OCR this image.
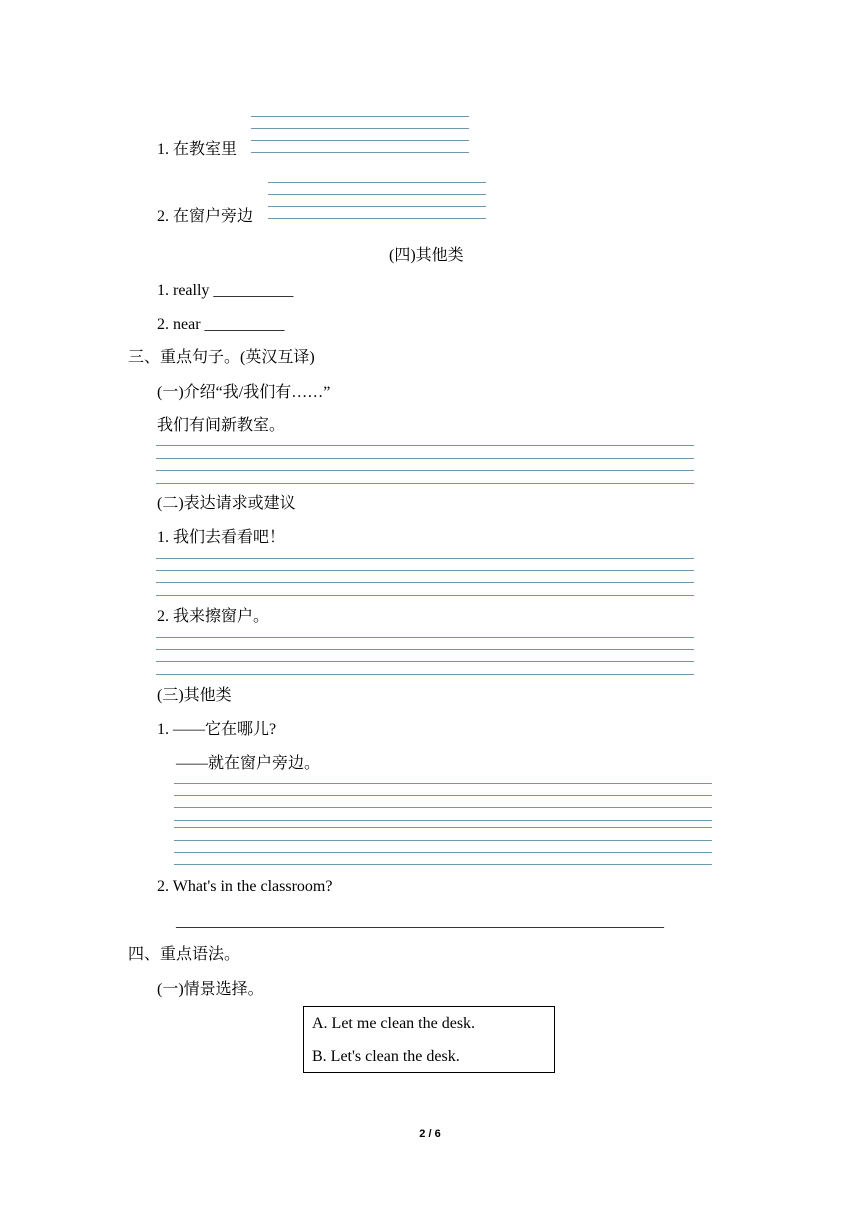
1. 在教室里
2. 在窗户旁边
(四)其他类
1. really __________
2. near __________
三、重点句子。(英汉互译)
(一)介绍“我/我们有……”
我们有间新教室。
(二)表达请求或建议
1. 我们去看看吧！
2. 我来擦窗户。
(三)其他类
1. ——它在哪儿?
——就在窗户旁边。
2. What's in the classroom?
_____________________________________________________________
四、重点语法。
(一)情景选择。
A. Let me clean the desk.
B. Let's clean the desk.
2 / 6
